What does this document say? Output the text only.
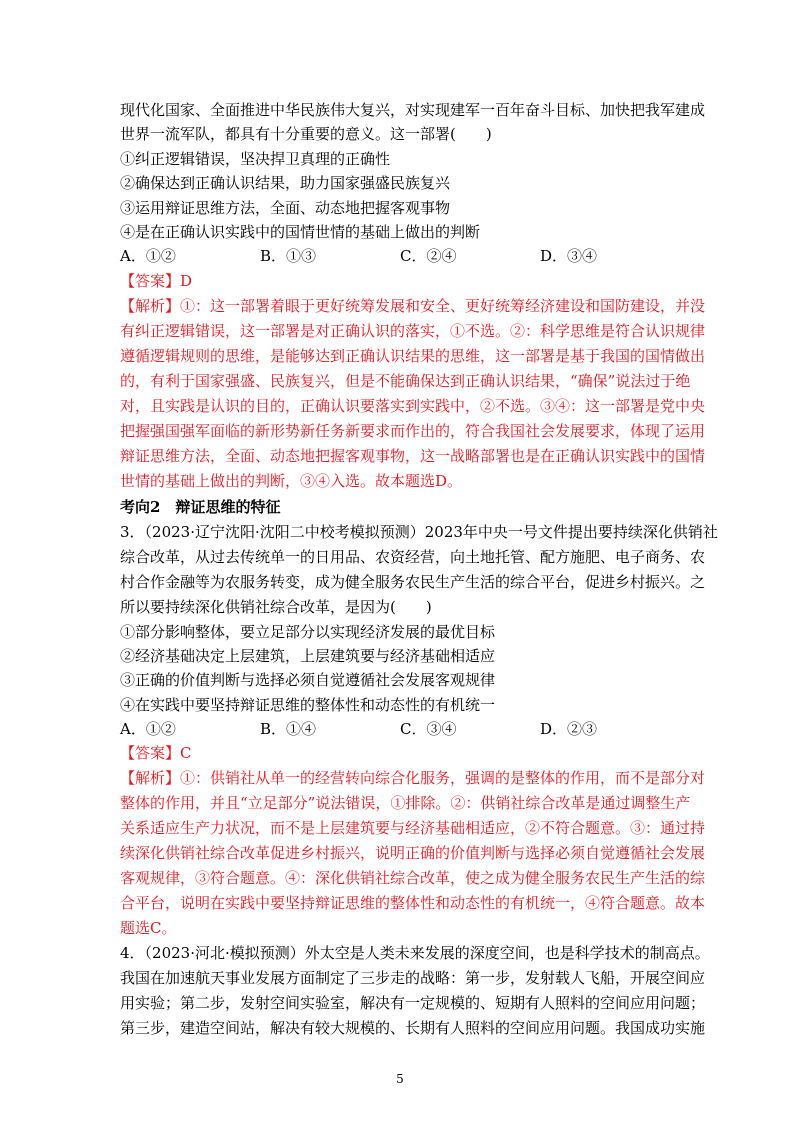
现代化国家、全面推进中华民族伟大复兴，对实现建军一百年奋斗目标、加快把我军建成

世界一流军队，都具有十分重要的意义。这一部署(　　)

①纠正逻辑错误，坚决捍卫真理的正确性

②确保达到正确认识结果，助力国家强盛民族复兴

③运用辩证思维方法，全面、动态地把握客观事物

④是在正确认识实践中的国情世情的基础上做出的判断

A．①②	B．①③	C．②④	D．③④

【答案】D

【解析】①：这一部署着眼于更好统筹发展和安全、更好统筹经济建设和国防建设，并没

有纠正逻辑错误，这一部署是对正确认识的落实，①不选。②：科学思维是符合认识规律

遵循逻辑规则的思维，是能够达到正确认识结果的思维，这一部署是基于我国的国情做出

的，有利于国家强盛、民族复兴，但是不能确保达到正确认识结果，“确保”说法过于绝

对，且实践是认识的目的，正确认识要落实到实践中，②不选。③④：这一部署是党中央

把握强国强军面临的新形势新任务新要求而作出的，符合我国社会发展要求，体现了运用

辩证思维方法，全面、动态地把握客观事物，这一战略部署也是在正确认识实践中的国情

世情的基础上做出的判断，③④入选。故本题选D。

考向2　辩证思维的特征

3．（2023·辽宁沈阳·沈阳二中校考模拟预测）2023年中央一号文件提出要持续深化供销社

综合改革，从过去传统单一的日用品、农资经营，向土地托管、配方施肥、电子商务、农

村合作金融等为农服务转变，成为健全服务农民生产生活的综合平台，促进乡村振兴。之

所以要持续深化供销社综合改革，是因为(　　)

①部分影响整体，要立足部分以实现经济发展的最优目标

②经济基础决定上层建筑，上层建筑要与经济基础相适应

③正确的价值判断与选择必须自觉遵循社会发展客观规律

④在实践中要坚持辩证思维的整体性和动态性的有机统一

A．①②	B．①④	C．③④	D．②③

【答案】C

【解析】①：供销社从单一的经营转向综合化服务，强调的是整体的作用，而不是部分对

整体的作用，并且“立足部分”说法错误，①排除。②：供销社综合改革是通过调整生产

关系适应生产力状况，而不是上层建筑要与经济基础相适应，②不符合题意。③：通过持

续深化供销社综合改革促进乡村振兴，说明正确的价值判断与选择必须自觉遵循社会发展

客观规律，③符合题意。④：深化供销社综合改革，使之成为健全服务农民生产生活的综

合平台，说明在实践中要坚持辩证思维的整体性和动态性的有机统一，④符合题意。故本

题选C。

4．（2023·河北·模拟预测）外太空是人类未来发展的深度空间，也是科学技术的制高点。

我国在加速航天事业发展方面制定了三步走的战略：第一步，发射载人飞船，开展空间应

用实验；第二步，发射空间实验室，解决有一定规模的、短期有人照料的空间应用问题；

第三步，建造空间站，解决有较大规模的、长期有人照料的空间应用问题。我国成功实施

5
